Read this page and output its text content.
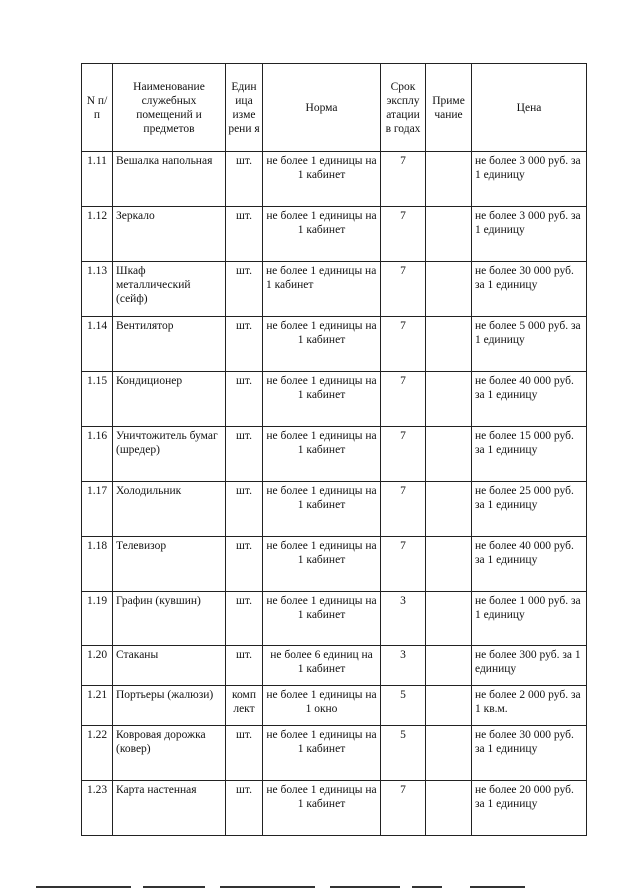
N п/п	Наименование служебных помещений и предметов	Един ица изме рени я	Норма	Срок эксплу атации в годах	Приме чание	Цена
1.11	Вешалка напольная	шт.	не более 1 единицы на 1 кабинет	7		не более 3 000 руб. за 1 единицу
1.12	Зеркало	шт.	не более 1 единицы на 1 кабинет	7		не более 3 000 руб. за 1 единицу
1.13	Шкаф металлический (сейф)	шт.	не более 1 единицы на 1 кабинет	7		не более 30 000 руб. за 1 единицу
1.14	Вентилятор	шт.	не более 1 единицы на 1 кабинет	7		не более 5 000 руб. за 1 единицу
1.15	Кондиционер	шт.	не более 1 единицы на 1 кабинет	7		не более 40 000 руб. за 1 единицу
1.16	Уничтожитель бумаг (шредер)	шт.	не более 1 единицы на 1 кабинет	7		не более 15 000 руб. за 1 единицу
1.17	Холодильник	шт.	не более 1 единицы на 1 кабинет	7		не более 25 000 руб. за 1 единицу
1.18	Телевизор	шт.	не более 1 единицы на 1 кабинет	7		не более 40 000 руб. за 1 единицу
1.19	Графин (кувшин)	шт.	не более 1 единицы на 1 кабинет	3		не более 1 000 руб. за 1 единицу
1.20	Стаканы	шт.	не более 6 единиц на 1 кабинет	3		не более 300 руб. за 1 единицу
1.21	Портьеры (жалюзи)	комп лект	не более 1 единицы на 1 окно	5		не более 2 000 руб. за 1 кв.м.
1.22	Ковровая дорожка (ковер)	шт.	не более 1 единицы на 1 кабинет	5		не более 30 000 руб. за 1 единицу
1.23	Карта настенная	шт.	не более 1 единицы на 1 кабинет	7		не более 20 000 руб. за 1 единицу
